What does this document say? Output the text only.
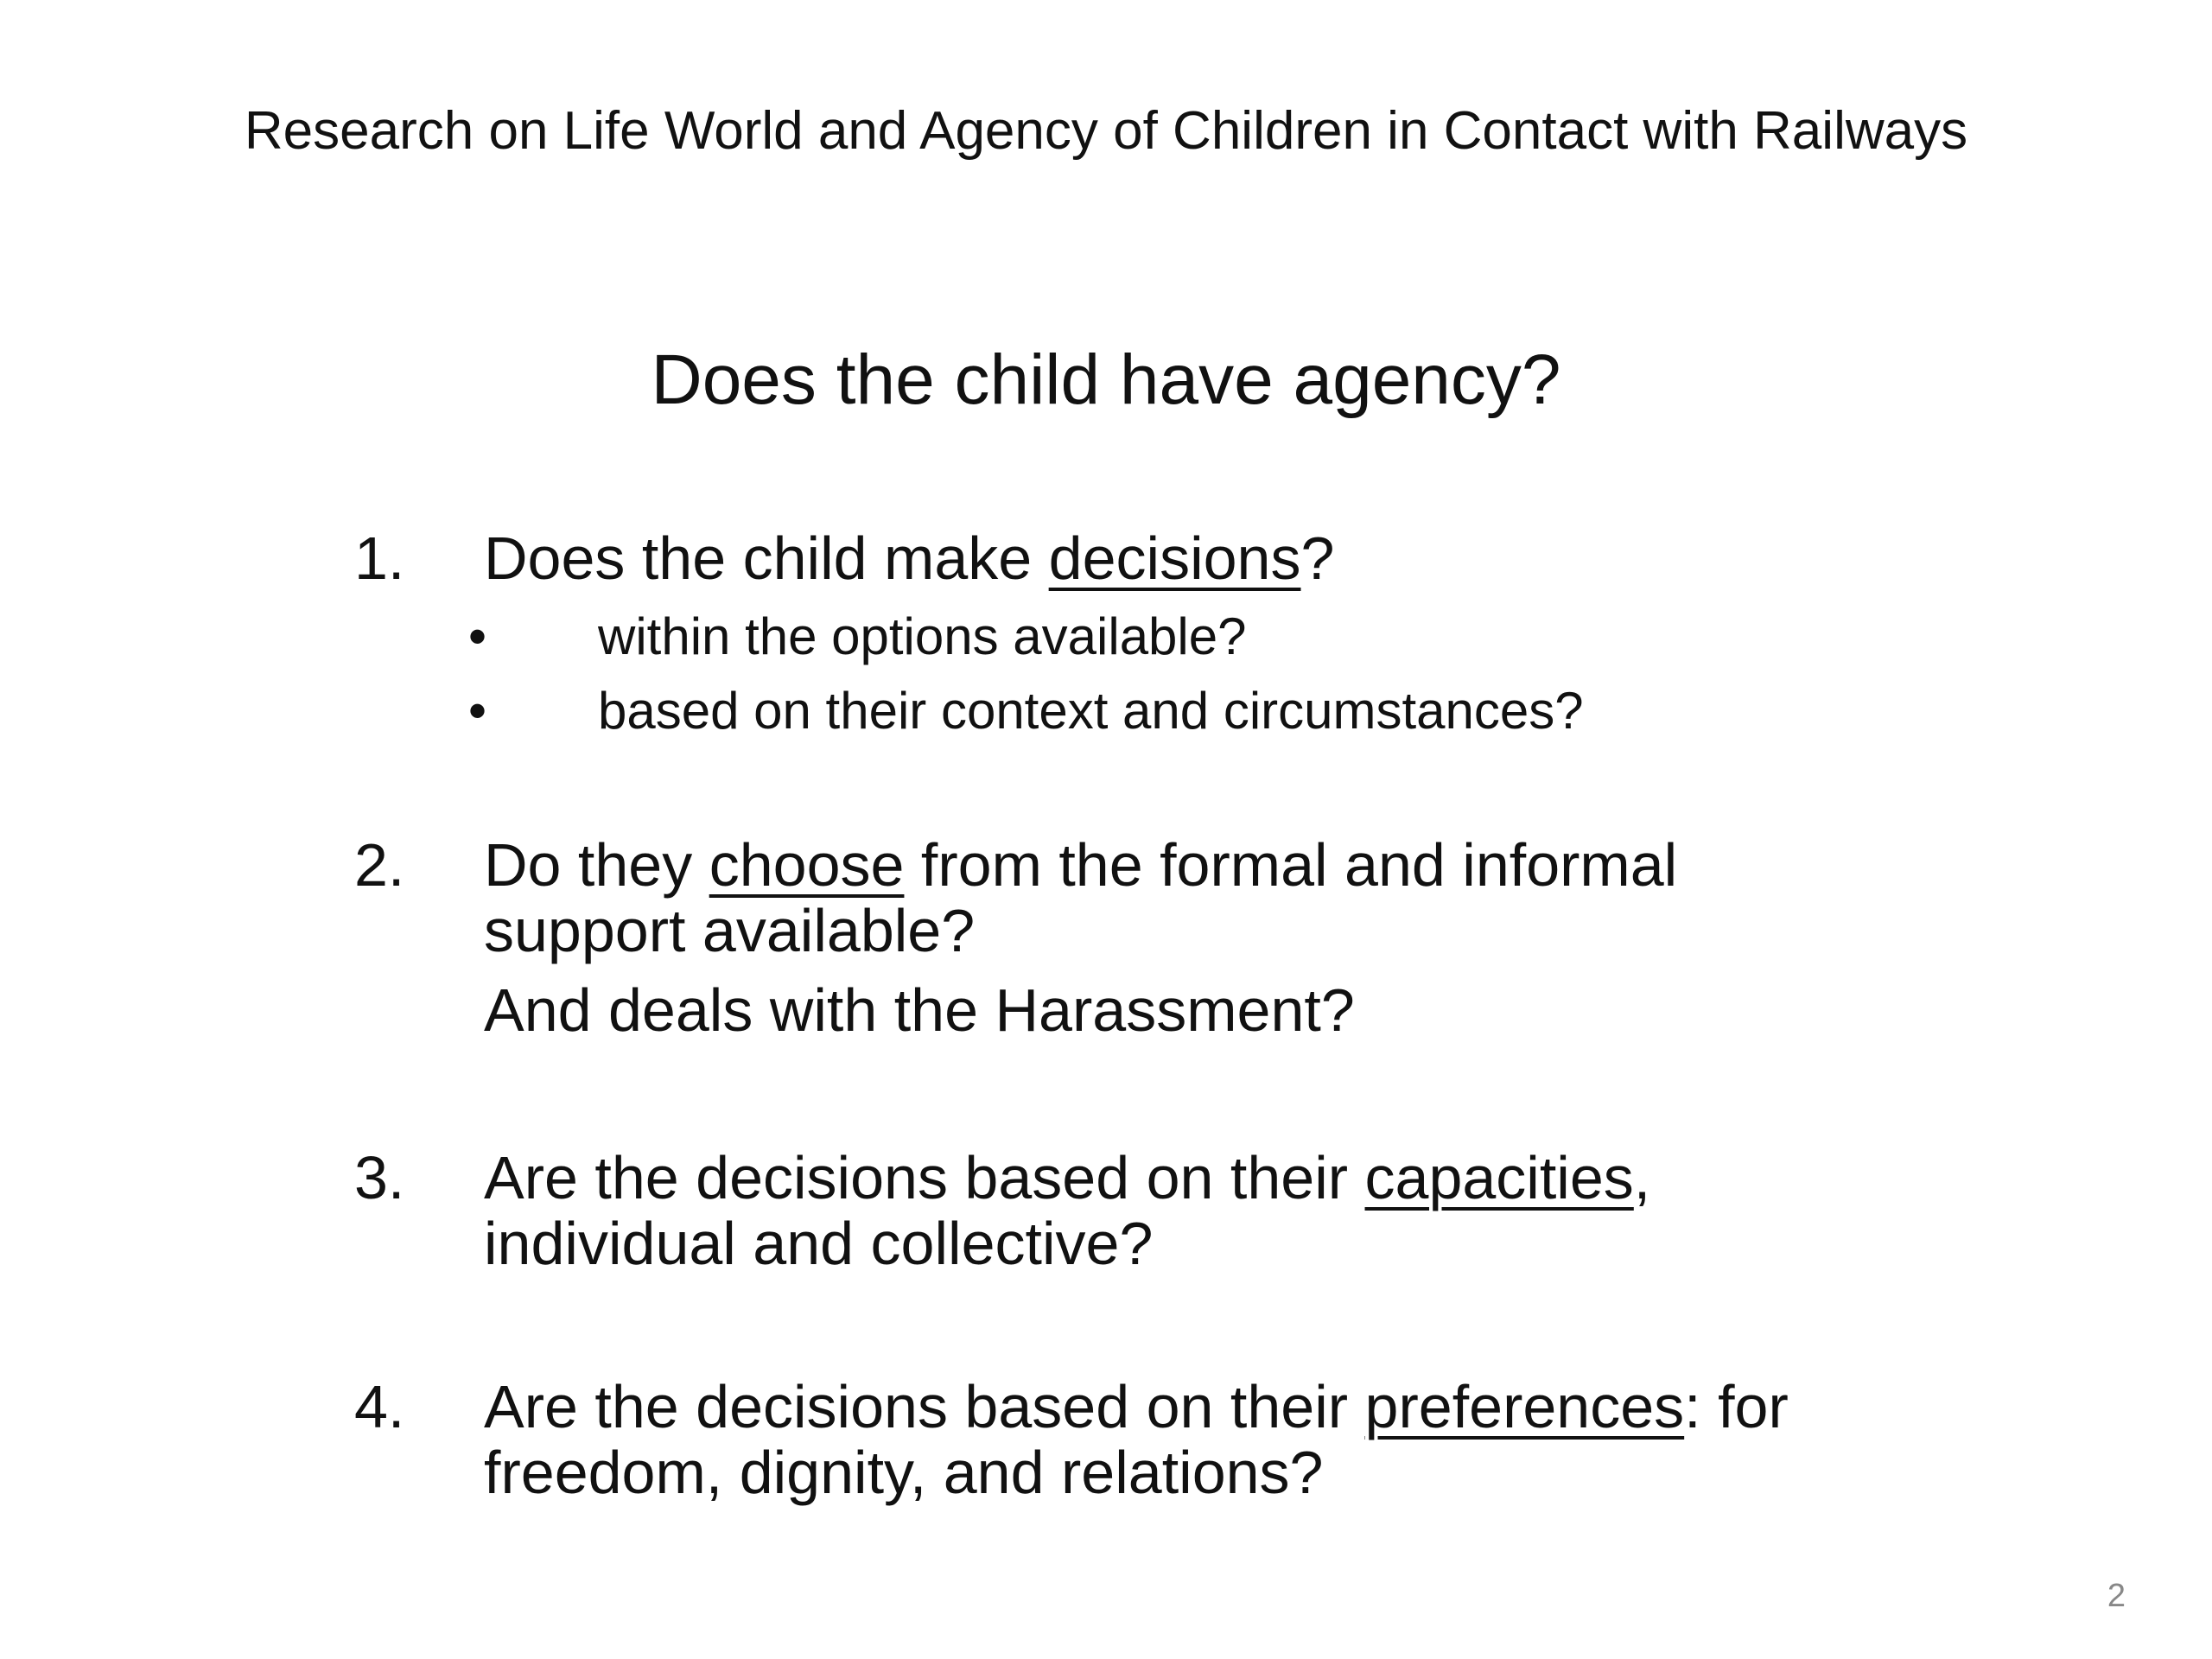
Research on Life World and Agency of Children in Contact with Railways
Does the child have agency?
1. Does the child make decisions?
• within the options available?
• based on their context and circumstances?
2. Do they choose from the formal and informal
support available?
And deals with the Harassment?
3. Are the decisions based on their capacities,
individual and collective?
4. Are the decisions based on their preferences: for
freedom, dignity, and relations?
2
